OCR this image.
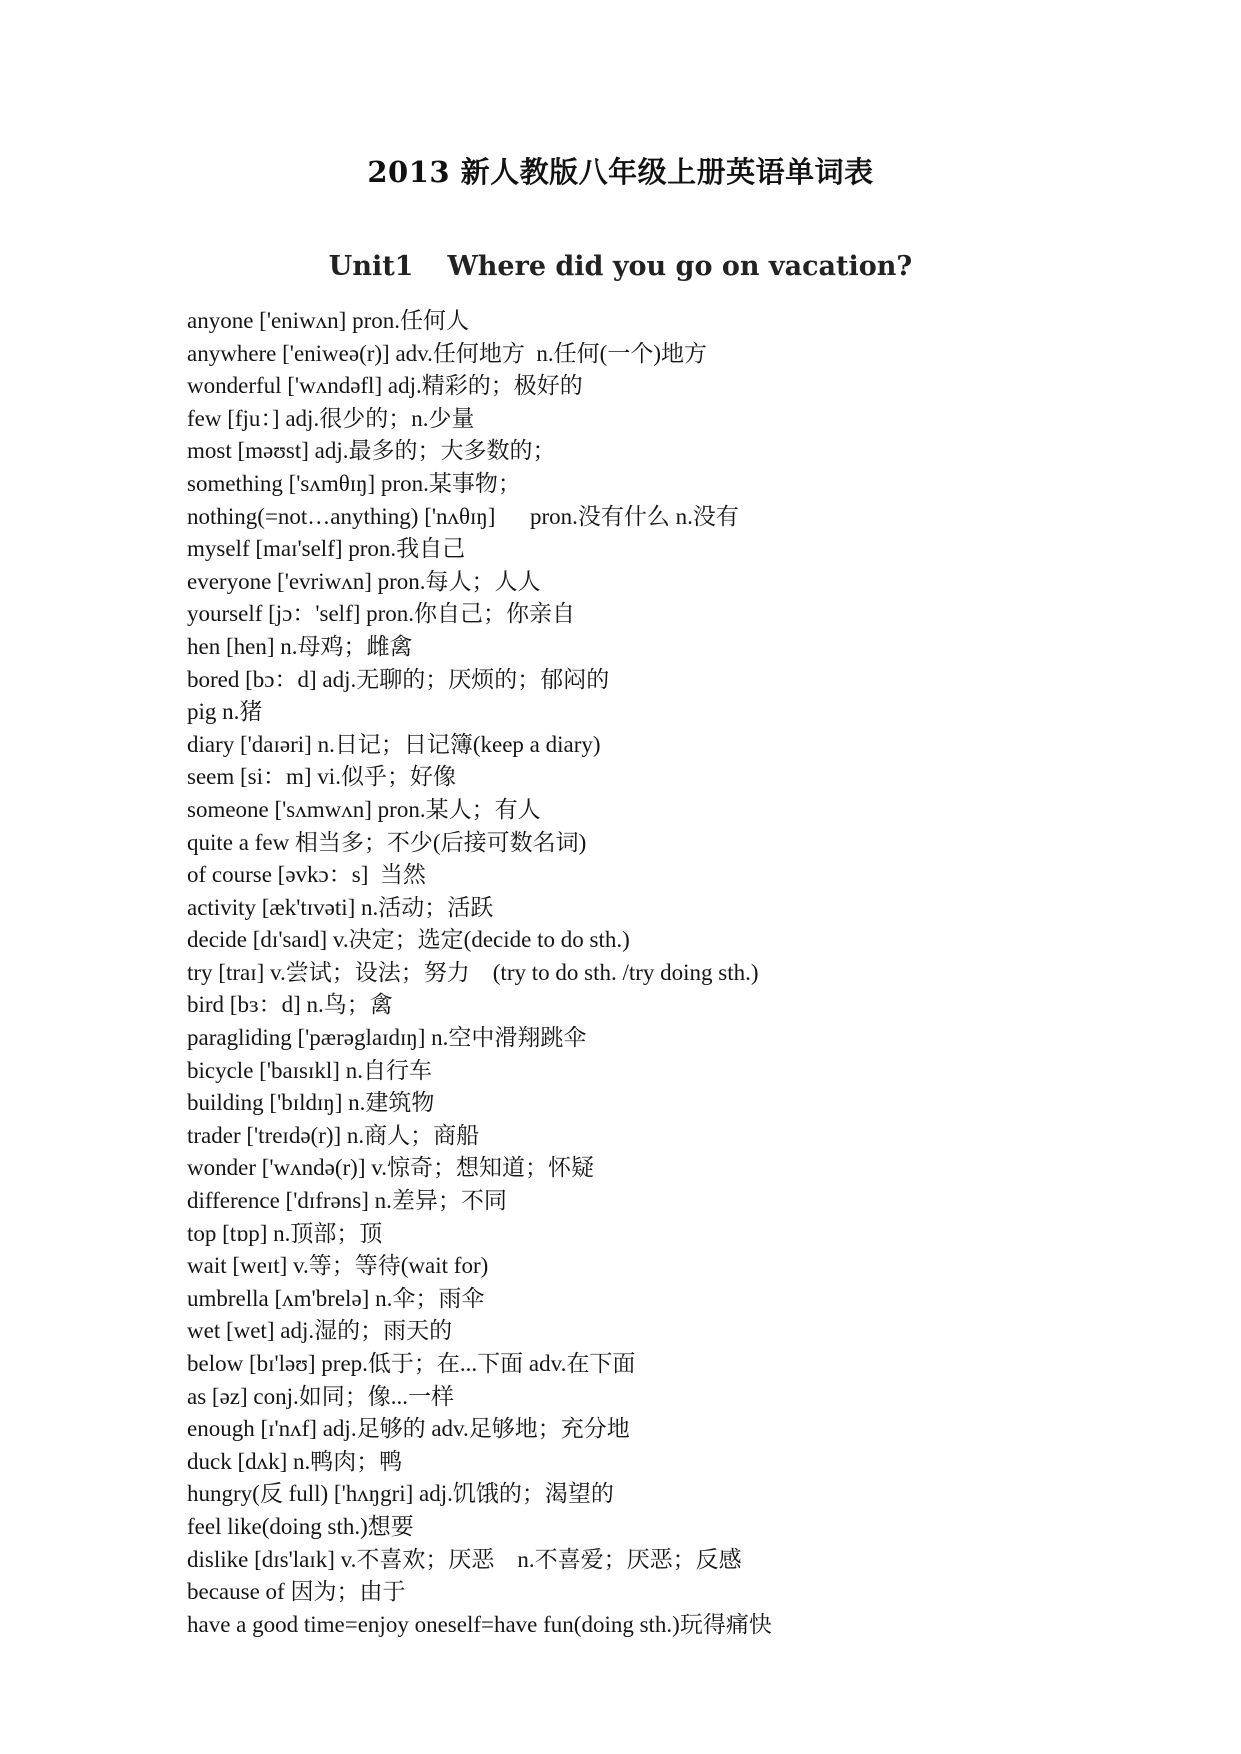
2013 新人教版八年级上册英语单词表
Unit1 Where did you go on vacation?
anyone ['eniwʌn] pron.任何人
anywhere ['eniweə(r)] adv.任何地方  n.任何(一个)地方
wonderful ['wʌndəfl] adj.精彩的；极好的
few [fju：] adj.很少的；n.少量
most [məʊst] adj.最多的；大多数的；
something ['sʌmθɪŋ] pron.某事物；
nothing(=not…anything) ['nʌθɪŋ]      pron.没有什么 n.没有
myself [maɪ'self] pron.我自己
everyone ['evriwʌn] pron.每人；人人
yourself [jɔ：'self] pron.你自己；你亲自
hen [hen] n.母鸡；雌禽
bored [bɔ：d] adj.无聊的；厌烦的；郁闷的
pig n.猪
diary ['daɪəri] n.日记；日记簿(keep a diary)
seem [si：m] vi.似乎；好像
someone ['sʌmwʌn] pron.某人；有人
quite a few 相当多；不少(后接可数名词)
of course [əvkɔ：s]  当然
activity [æk'tɪvəti] n.活动；活跃
decide [dɪ'saɪd] v.决定；选定(decide to do sth.)
try [traɪ] v.尝试；设法；努力    (try to do sth. /try doing sth.)
bird [bɜ：d] n.鸟；禽
paragliding ['pærəglaɪdɪŋ] n.空中滑翔跳伞
bicycle ['baɪsɪkl] n.自行车
building ['bɪldɪŋ] n.建筑物
trader ['treɪdə(r)] n.商人；商船
wonder ['wʌndə(r)] v.惊奇；想知道；怀疑
difference ['dɪfrəns] n.差异；不同
top [tɒp] n.顶部；顶
wait [weɪt] v.等；等待(wait for)
umbrella [ʌm'brelə] n.伞；雨伞
wet [wet] adj.湿的；雨天的
below [bɪ'ləʊ] prep.低于；在...下面 adv.在下面
as [əz] conj.如同；像...一样
enough [ɪ'nʌf] adj.足够的 adv.足够地；充分地
duck [dʌk] n.鸭肉；鸭
hungry(反 full) ['hʌŋgri] adj.饥饿的；渴望的
feel like(doing sth.)想要
dislike [dɪs'laɪk] v.不喜欢；厌恶    n.不喜爱；厌恶；反感
because of 因为；由于
have a good time=enjoy oneself=have fun(doing sth.)玩得痛快
